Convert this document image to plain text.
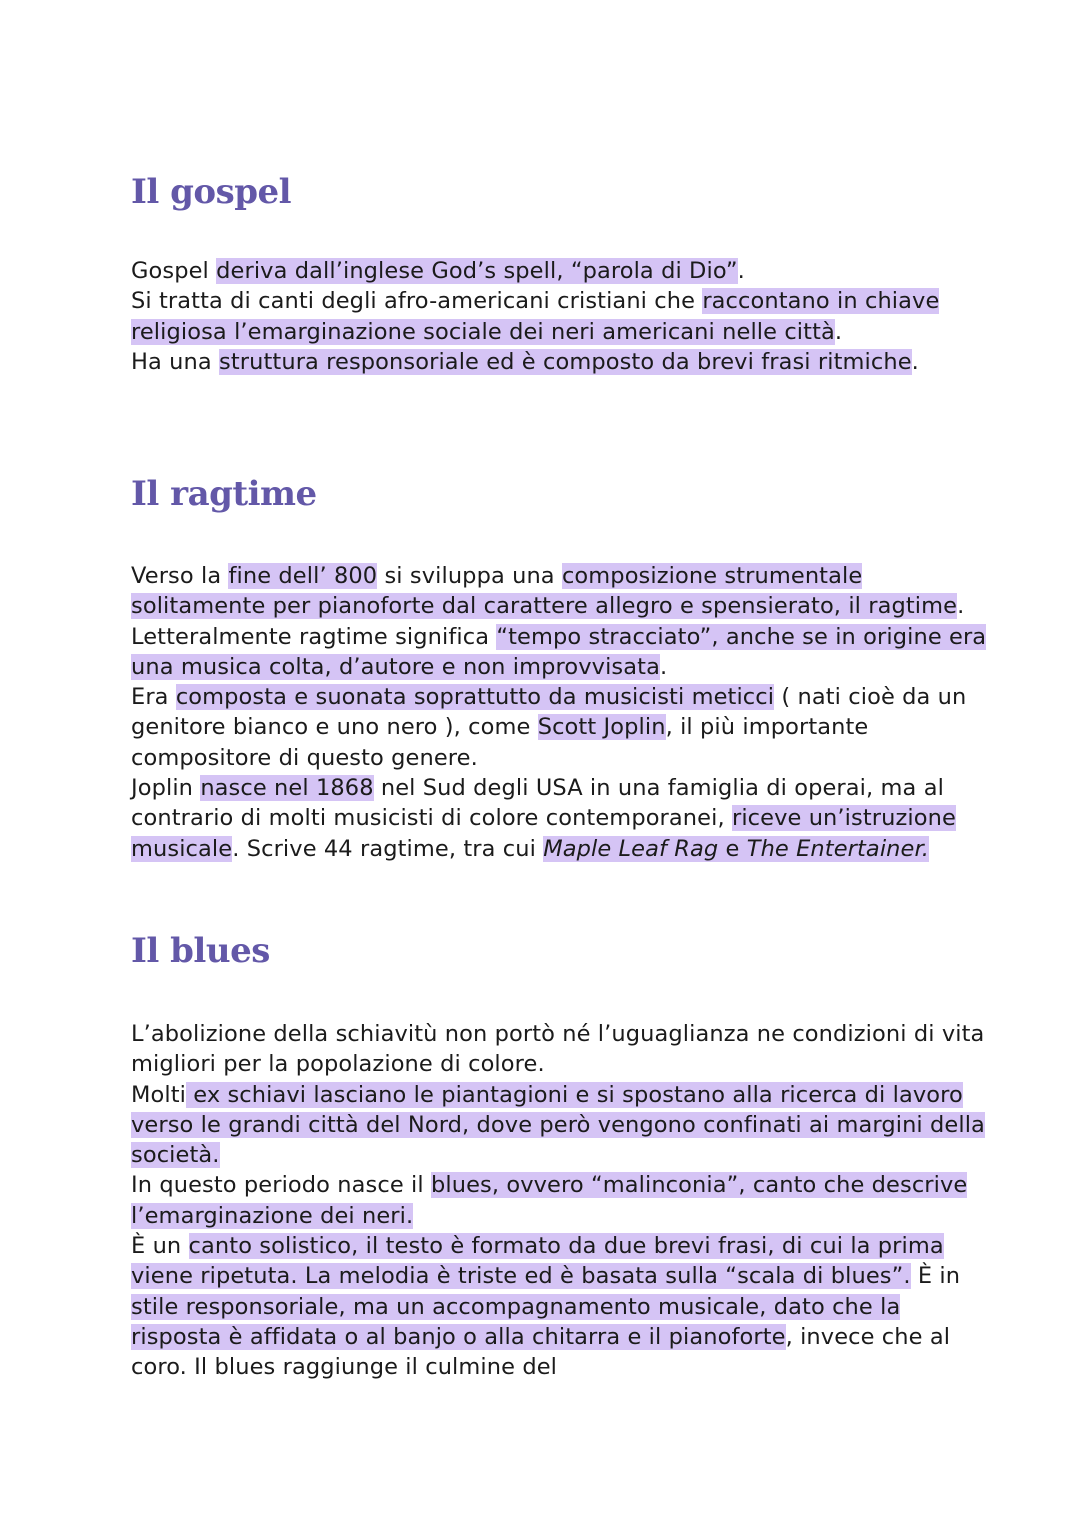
Il gospel
Gospel deriva dall’inglese God’s spell, “parola di Dio”.
Si tratta di canti degli afro-americani cristiani che raccontano in chiave religiosa l’emarginazione sociale dei neri americani nelle città.
Ha una struttura responsoriale ed è composto da brevi frasi ritmiche.
Il ragtime
Verso la fine dell’ 800 si sviluppa una composizione strumentale solitamente per pianoforte dal carattere allegro e spensierato, il ragtime. Letteralmente ragtime significa “tempo stracciato”, anche se in origine era una musica colta, d’autore e non improvvisata.
Era composta e suonata soprattutto da musicisti meticci ( nati cioè da un genitore bianco e uno nero ), come Scott Joplin, il più importante compositore di questo genere.
Joplin nasce nel 1868 nel Sud degli USA in una famiglia di operai, ma al contrario di molti musicisti di colore contemporanei, riceve un’istruzione musicale. Scrive 44 ragtime, tra cui Maple Leaf Rag e The Entertainer.
Il blues
L’abolizione della schiavitù non portò né l’uguaglianza ne condizioni di vita migliori per la popolazione di colore.
Molti ex schiavi lasciano le piantagioni e si spostano alla ricerca di lavoro verso le grandi città del Nord, dove però vengono confinati ai margini della società.
In questo periodo nasce il blues, ovvero “malinconia”, canto che descrive l’emarginazione dei neri.
È un canto solistico, il testo è formato da due brevi frasi, di cui la prima viene ripetuta. La melodia è triste ed è basata sulla “scala di blues”. È in stile responsoriale, ma un accompagnamento musicale, dato che la risposta è affidata o al banjo o alla chitarra e il pianoforte, invece che al coro. Il blues raggiunge il culmine del
